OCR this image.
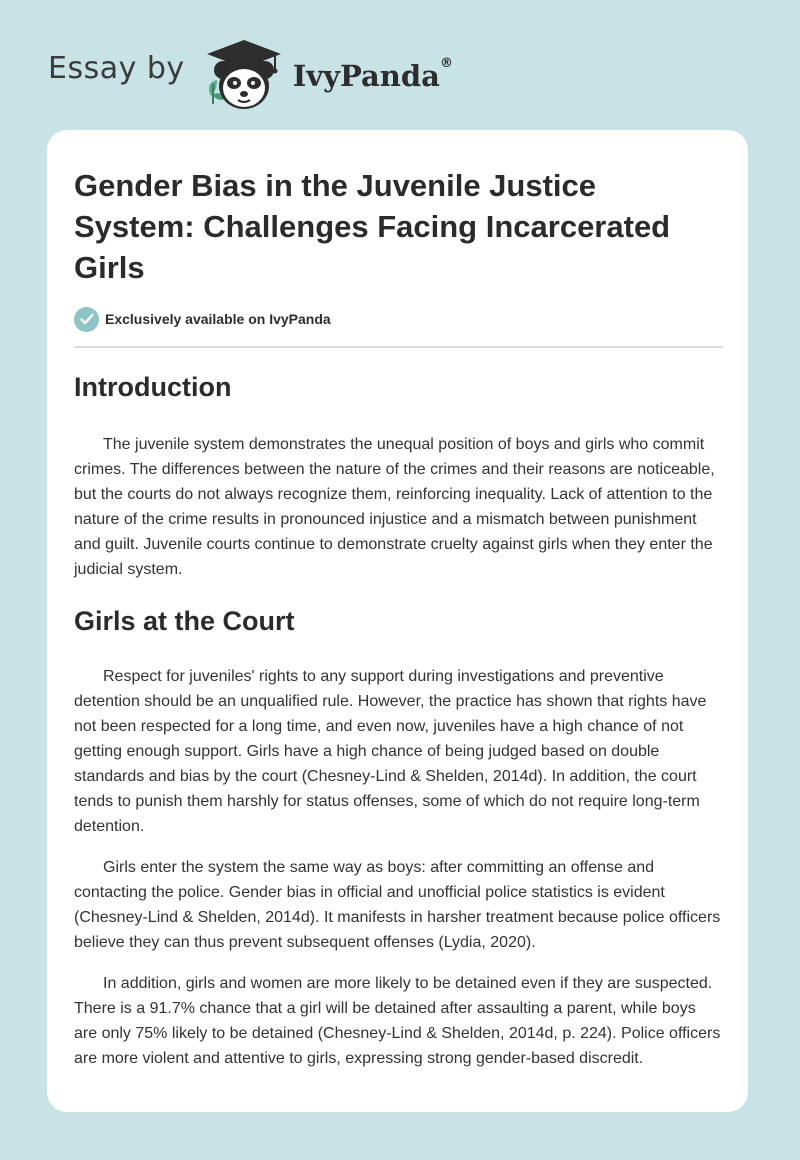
Essay by	IvyPanda®
Gender Bias in the Juvenile Justice System: Challenges Facing Incarcerated Girls
Exclusively available on IvyPanda
Introduction

The juvenile system demonstrates the unequal position of boys and girls who commit crimes. The differences between the nature of the crimes and their reasons are noticeable, but the courts do not always recognize them, reinforcing inequality. Lack of attention to the nature of the crime results in pronounced injustice and a mismatch between punishment and guilt. Juvenile courts continue to demonstrate cruelty against girls when they enter the judicial system.

Girls at the Court

Respect for juveniles' rights to any support during investigations and preventive detention should be an unqualified rule. However, the practice has shown that rights have not been respected for a long time, and even now, juveniles have a high chance of not getting enough support. Girls have a high chance of being judged based on double standards and bias by the court (Chesney-Lind & Shelden, 2014d). In addition, the court tends to punish them harshly for status offenses, some of which do not require long-term detention.

Girls enter the system the same way as boys: after committing an offense and contacting the police. Gender bias in official and unofficial police statistics is evident (Chesney-Lind & Shelden, 2014d). It manifests in harsher treatment because police officers believe they can thus prevent subsequent offenses (Lydia, 2020).

In addition, girls and women are more likely to be detained even if they are suspected. There is a 91.7% chance that a girl will be detained after assaulting a parent, while boys are only 75% likely to be detained (Chesney-Lind & Shelden, 2014d, p. 224). Police officers are more violent and attentive to girls, expressing strong gender-based discredit.
